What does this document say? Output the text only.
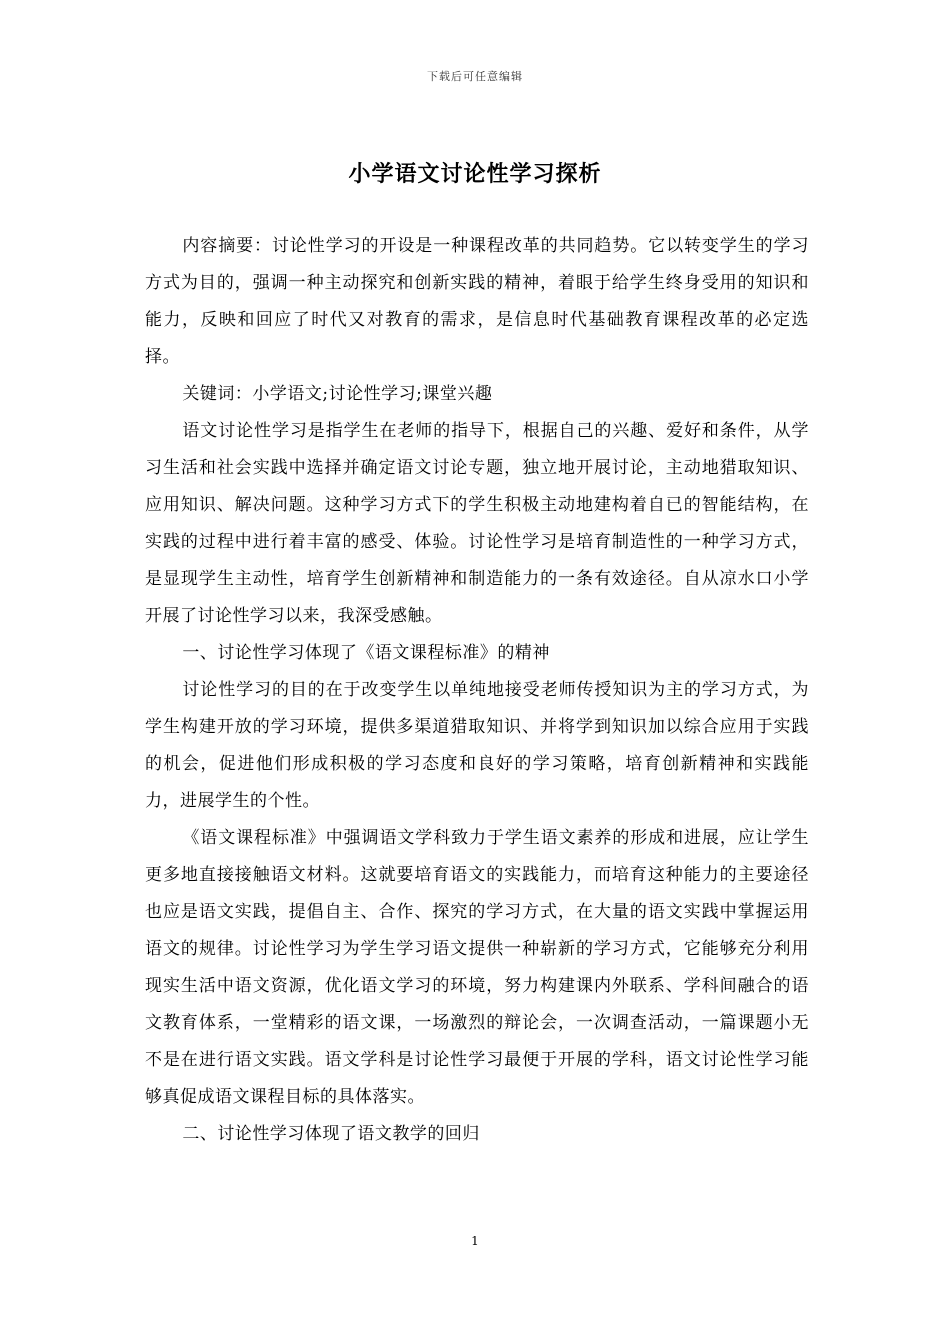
下载后可任意编辑
小学语文讨论性学习探析

内容摘要：讨论性学习的开设是一种课程改革的共同趋势。它以转变学生的学习方式为目的，强调一种主动探究和创新实践的精神，着眼于给学生终身受用的知识和能力，反映和回应了时代又对教育的需求，是信息时代基础教育课程改革的必定选择。

关键词：小学语文;讨论性学习;课堂兴趣

语文讨论性学习是指学生在老师的指导下，根据自己的兴趣、爱好和条件，从学习生活和社会实践中选择并确定语文讨论专题，独立地开展讨论，主动地猎取知识、应用知识、解决问题。这种学习方式下的学生积极主动地建构着自已的智能结构，在实践的过程中进行着丰富的感受、体验。讨论性学习是培育制造性的一种学习方式，是显现学生主动性，培育学生创新精神和制造能力的一条有效途径。自从凉水口小学开展了讨论性学习以来，我深受感触。

一、讨论性学习体现了《语文课程标准》的精神

讨论性学习的目的在于改变学生以单纯地接受老师传授知识为主的学习方式，为学生构建开放的学习环境，提供多渠道猎取知识、并将学到知识加以综合应用于实践的机会，促进他们形成积极的学习态度和良好的学习策略，培育创新精神和实践能力，进展学生的个性。

《语文课程标准》中强调语文学科致力于学生语文素养的形成和进展，应让学生更多地直接接触语文材料。这就要培育语文的实践能力，而培育这种能力的主要途径也应是语文实践，提倡自主、合作、探究的学习方式，在大量的语文实践中掌握运用语文的规律。讨论性学习为学生学习语文提供一种崭新的学习方式，它能够充分利用现实生活中语文资源，优化语文学习的环境，努力构建课内外联系、学科间融合的语文教育体系，一堂精彩的语文课，一场激烈的辩论会，一次调查活动，一篇课题小无不是在进行语文实践。语文学科是讨论性学习最便于开展的学科，语文讨论性学习能够真促成语文课程目标的具体落实。

二、讨论性学习体现了语文教学的回归

1
